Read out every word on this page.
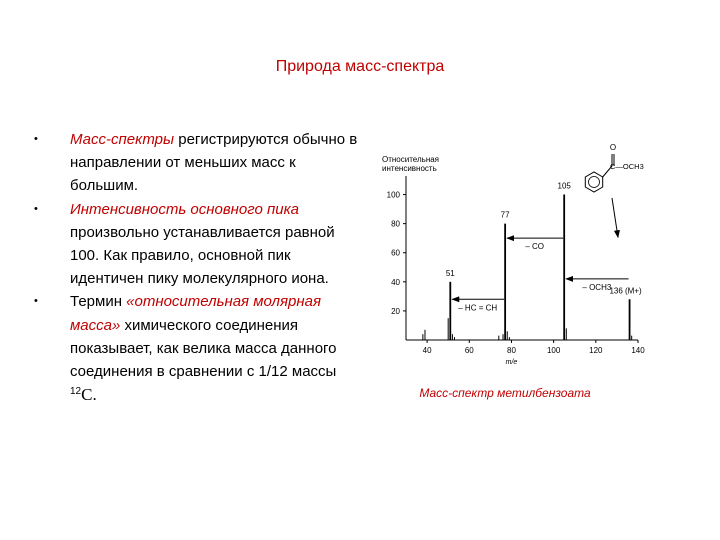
Природа масс-спектра
• Масс-спектры регистрируются обычно в направлении от меньших масс к большим.
• Интенсивность основного пика произвольно устанавливается равной 100. Как правило, основной пик идентичен пику молекулярного иона.
• Термин «относительная молярная масса» химического соединения показывает, как велика масса данного соединения в сравнении с 1/12 массы $^{12}$С.
Относительная
интенсивность
20
40
60
80
100
40	60	80	100	120	140
m/e
51
77
105
136 (M+)
– CO
– HC = CH
– OCH3
O
C—OCH3
Масс-спектр метилбензоата
